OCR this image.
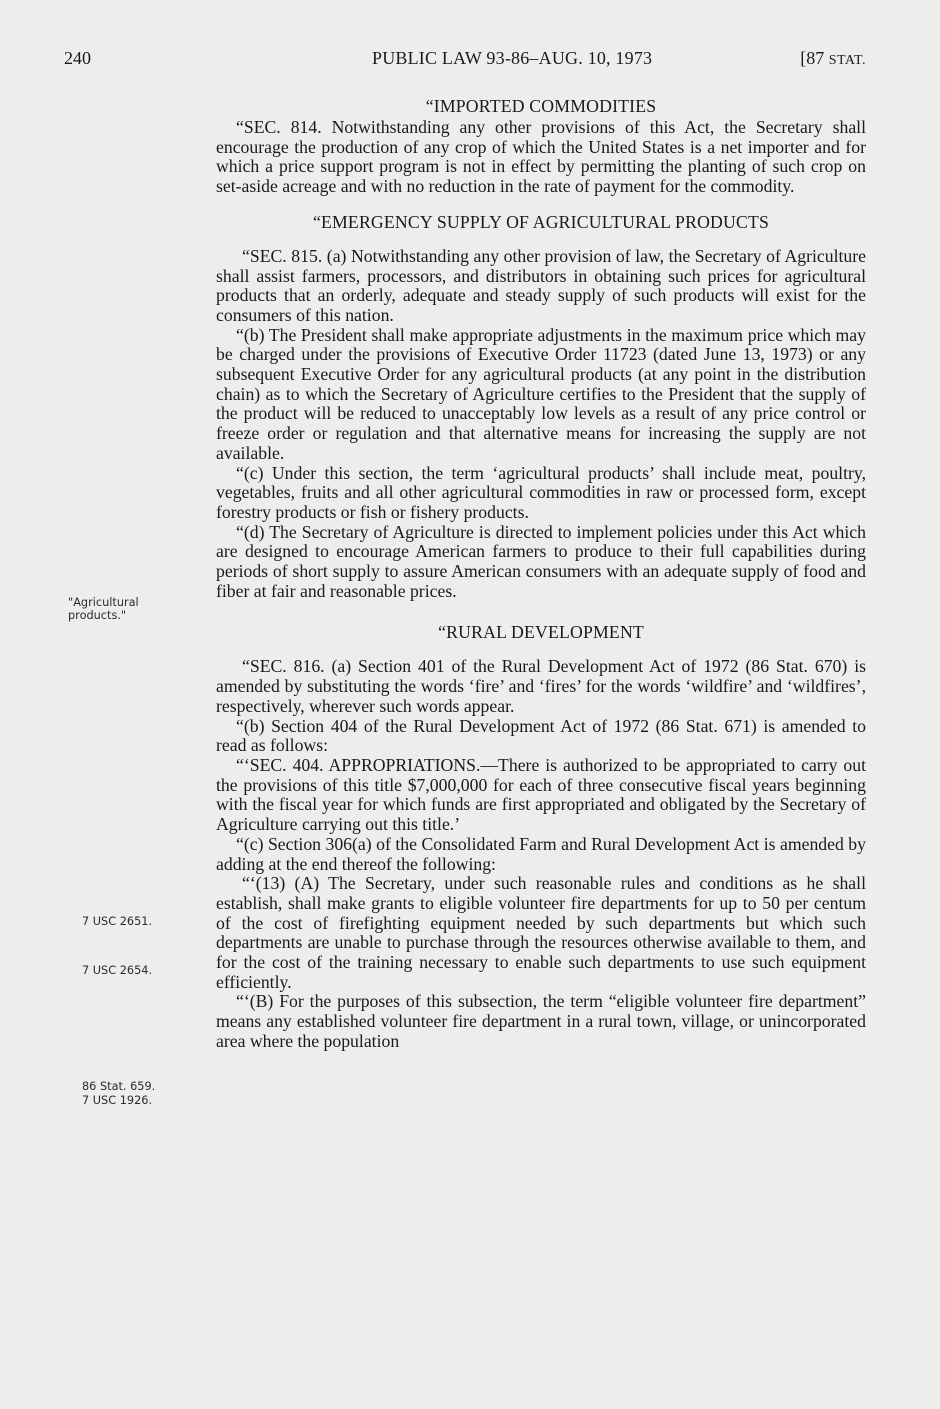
240	PUBLIC LAW 93-86–AUG. 10, 1973	[87 STAT.
"Agricultural products."
7 USC 2651.
7 USC 2654.
86 Stat. 659.
7 USC 1926.

“IMPORTED COMMODITIES

“SEC. 814. Notwithstanding any other provisions of this Act, the Secretary shall encourage the production of any crop of which the United States is a net importer and for which a price support program is not in effect by permitting the planting of such crop on set-aside acreage and with no reduction in the rate of payment for the commodity.

“EMERGENCY SUPPLY OF AGRICULTURAL PRODUCTS

“SEC. 815. (a) Notwithstanding any other provision of law, the Secretary of Agriculture shall assist farmers, processors, and distributors in obtaining such prices for agricultural products that an orderly, adequate and steady supply of such products will exist for the consumers of this nation.

“(b) The President shall make appropriate adjustments in the maximum price which may be charged under the provisions of Executive Order 11723 (dated June 13, 1973) or any subsequent Executive Order for any agricultural products (at any point in the distribution chain) as to which the Secretary of Agriculture certifies to the President that the supply of the product will be reduced to unacceptably low levels as a result of any price control or freeze order or regulation and that alternative means for increasing the supply are not available.

“(c) Under this section, the term ‘agricultural products’ shall include meat, poultry, vegetables, fruits and all other agricultural commodities in raw or processed form, except forestry products or fish or fishery products.

“(d) The Secretary of Agriculture is directed to implement policies under this Act which are designed to encourage American farmers to produce to their full capabilities during periods of short supply to assure American consumers with an adequate supply of food and fiber at fair and reasonable prices.

“RURAL DEVELOPMENT

“SEC. 816. (a) Section 401 of the Rural Development Act of 1972 (86 Stat. 670) is amended by substituting the words ‘fire’ and ‘fires’ for the words ‘wildfire’ and ‘wildfires’, respectively, wherever such words appear.

“(b) Section 404 of the Rural Development Act of 1972 (86 Stat. 671) is amended to read as follows:

“‘SEC. 404. APPROPRIATIONS.—There is authorized to be appropriated to carry out the provisions of this title $7,000,000 for each of three consecutive fiscal years beginning with the fiscal year for which funds are first appropriated and obligated by the Secretary of Agriculture carrying out this title.’

“(c) Section 306(a) of the Consolidated Farm and Rural Development Act is amended by adding at the end thereof the following:

“‘(13) (A) The Secretary, under such reasonable rules and conditions as he shall establish, shall make grants to eligible volunteer fire departments for up to 50 per centum of the cost of firefighting equipment needed by such departments but which such departments are unable to purchase through the resources otherwise available to them, and for the cost of the training necessary to enable such departments to use such equipment efficiently.

“‘(B) For the purposes of this subsection, the term “eligible volunteer fire department” means any established volunteer fire department in a rural town, village, or unincorporated area where the population
